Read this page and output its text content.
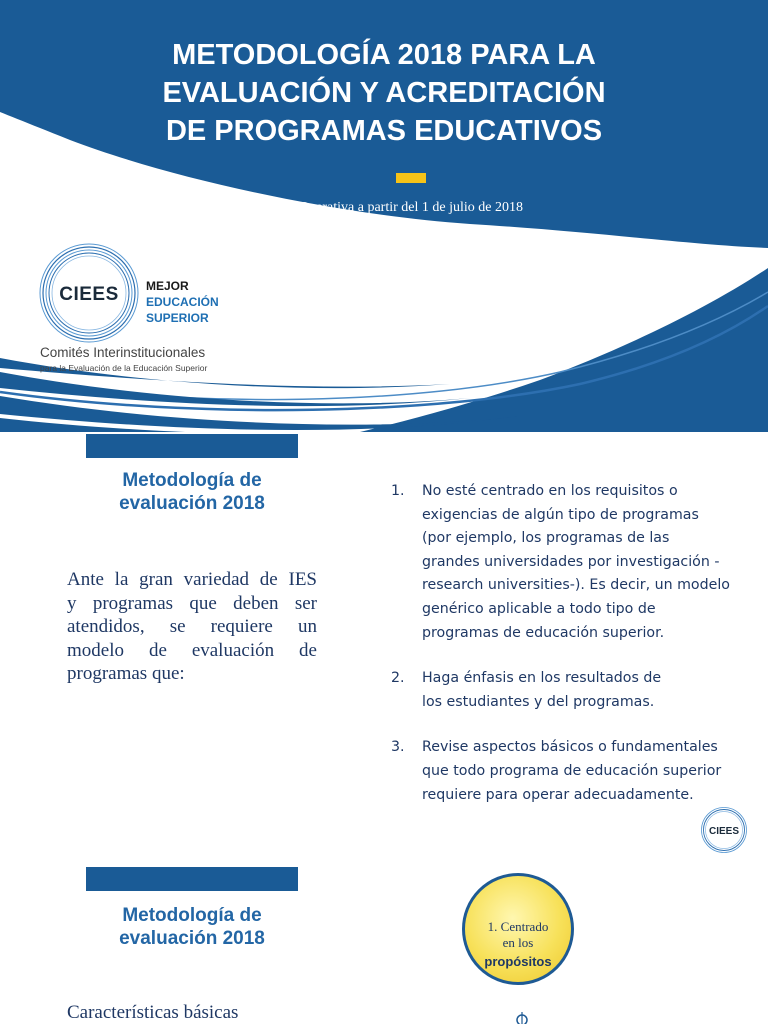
METODOLOGÍA 2018 PARA LA
EVALUACIÓN Y ACREDITACIÓN
DE PROGRAMAS EDUCATIVOS
Operativa a partir del 1 de julio de 2018
CIEES MEJOR
EDUCACIÓN
SUPERIOR
Comités Interinstitucionales
para la Evaluación de la Educación Superior
Metodología de
evaluación 2018

Ante la gran variedad de IES
y programas que deben ser
atendidos, se requiere un
modelo de evaluación de
programas que:

1. No esté centrado en los requisitos o
exigencias de algún tipo de programas
(por ejemplo, los programas de las
grandes universidades por investigación -
research universities-). Es decir, un modelo
genérico aplicable a todo tipo de
programas de educación superior.
2. Haga énfasis en los resultados de
los estudiantes y del programas.
3. Revise aspectos básicos o fundamentales
que todo programa de educación superior
requiere para operar adecuadamente.
CIEES
Metodología de
evaluación 2018
Características básicas
1. Centrado
en los
propósitos
